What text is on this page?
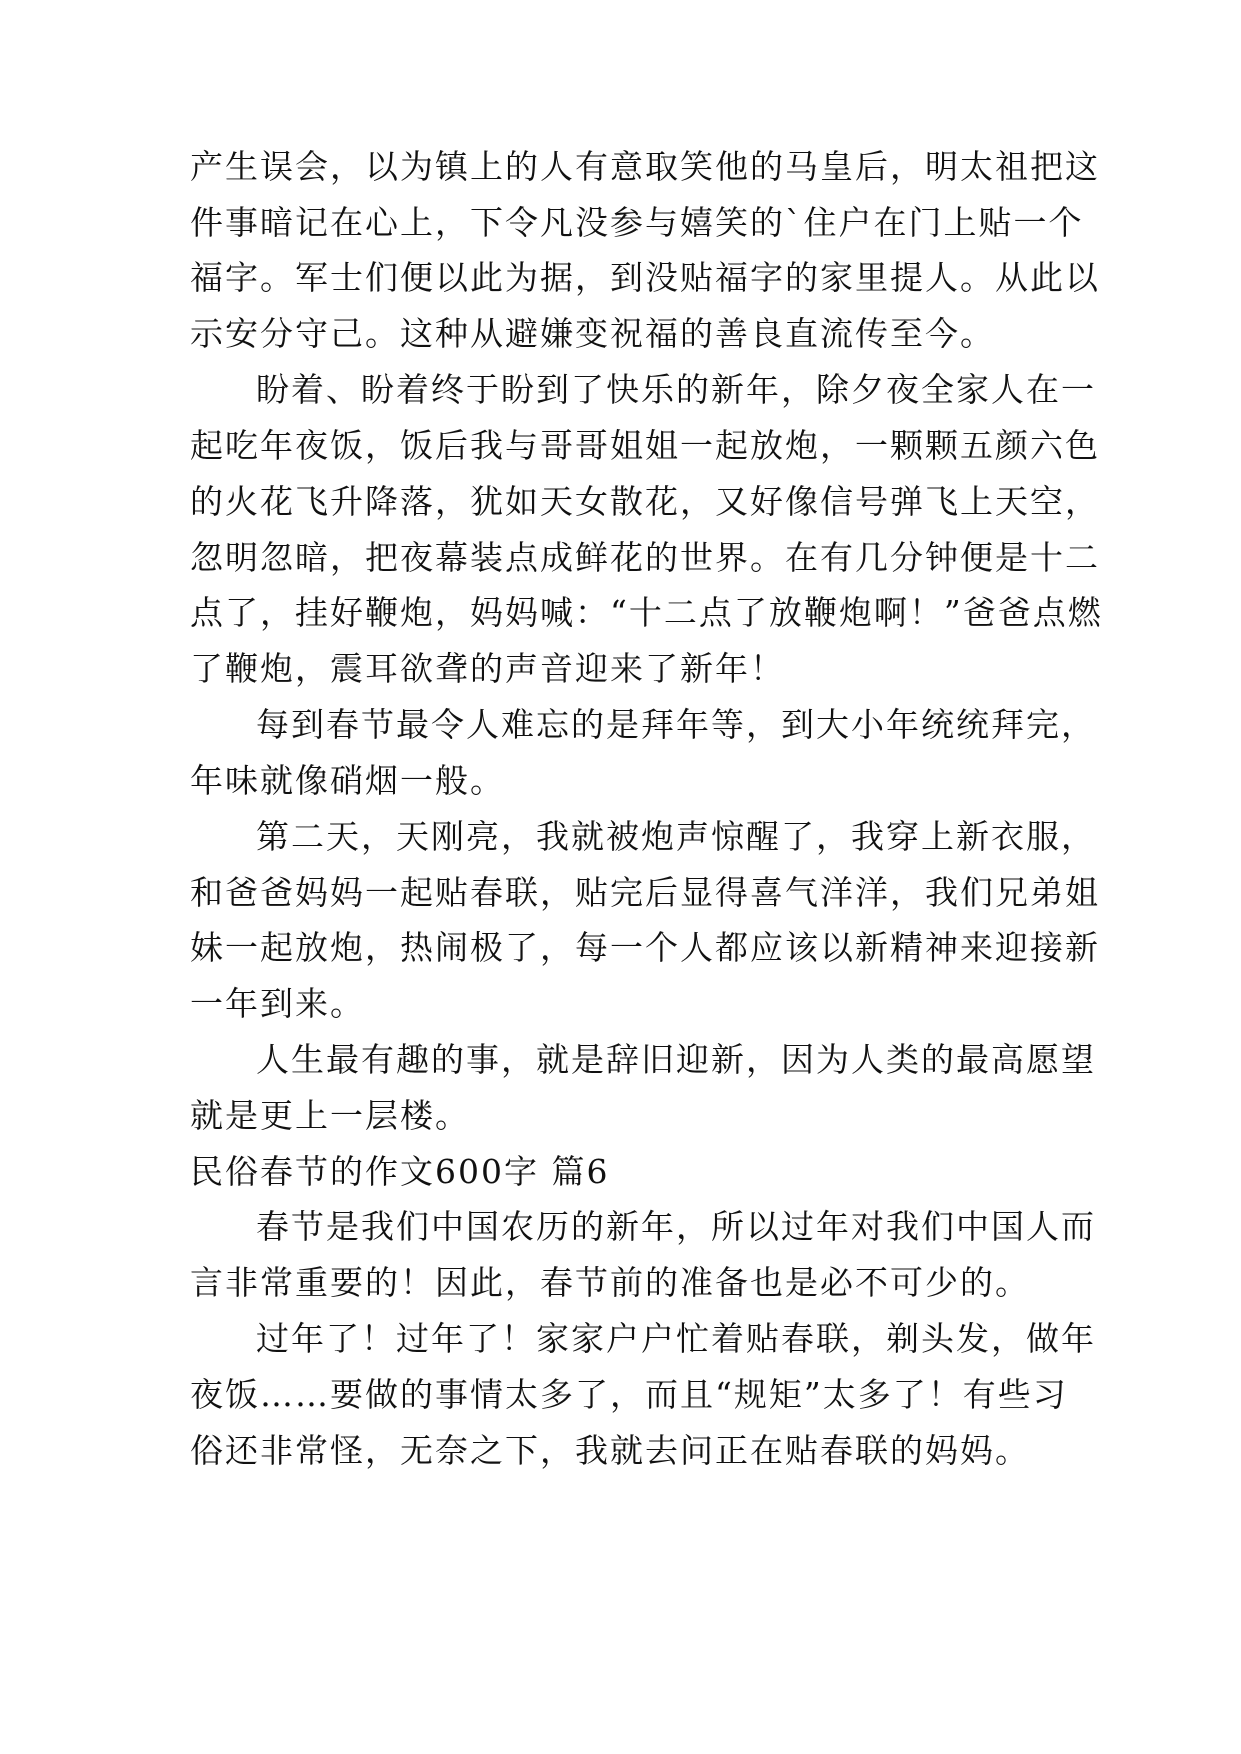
产生误会，以为镇上的人有意取笑他的马皇后，明太祖把这
件事暗记在心上，下令凡没参与嬉笑的`住户在门上贴一个
福字。军士们便以此为据，到没贴福字的家里提人。从此以
示安分守己。这种从避嫌变祝福的善良直流传至今。
盼着、盼着终于盼到了快乐的新年，除夕夜全家人在一
起吃年夜饭，饭后我与哥哥姐姐一起放炮，一颗颗五颜六色
的火花飞升降落，犹如天女散花，又好像信号弹飞上天空，
忽明忽暗，把夜幕装点成鲜花的世界。在有几分钟便是十二
点了，挂好鞭炮，妈妈喊：“十二点了放鞭炮啊！”爸爸点燃
了鞭炮，震耳欲聋的声音迎来了新年！
每到春节最令人难忘的是拜年等，到大小年统统拜完，
年味就像硝烟一般。
第二天，天刚亮，我就被炮声惊醒了，我穿上新衣服，
和爸爸妈妈一起贴春联，贴完后显得喜气洋洋，我们兄弟姐
妹一起放炮，热闹极了，每一个人都应该以新精神来迎接新
一年到来。
人生最有趣的事，就是辞旧迎新，因为人类的最高愿望
就是更上一层楼。
民俗春节的作文600字 篇6
春节是我们中国农历的新年，所以过年对我们中国人而
言非常重要的！因此，春节前的准备也是必不可少的。
过年了！过年了！家家户户忙着贴春联，剃头发，做年
夜饭……要做的事情太多了，而且“规矩”太多了！有些习
俗还非常怪，无奈之下，我就去问正在贴春联的妈妈。
